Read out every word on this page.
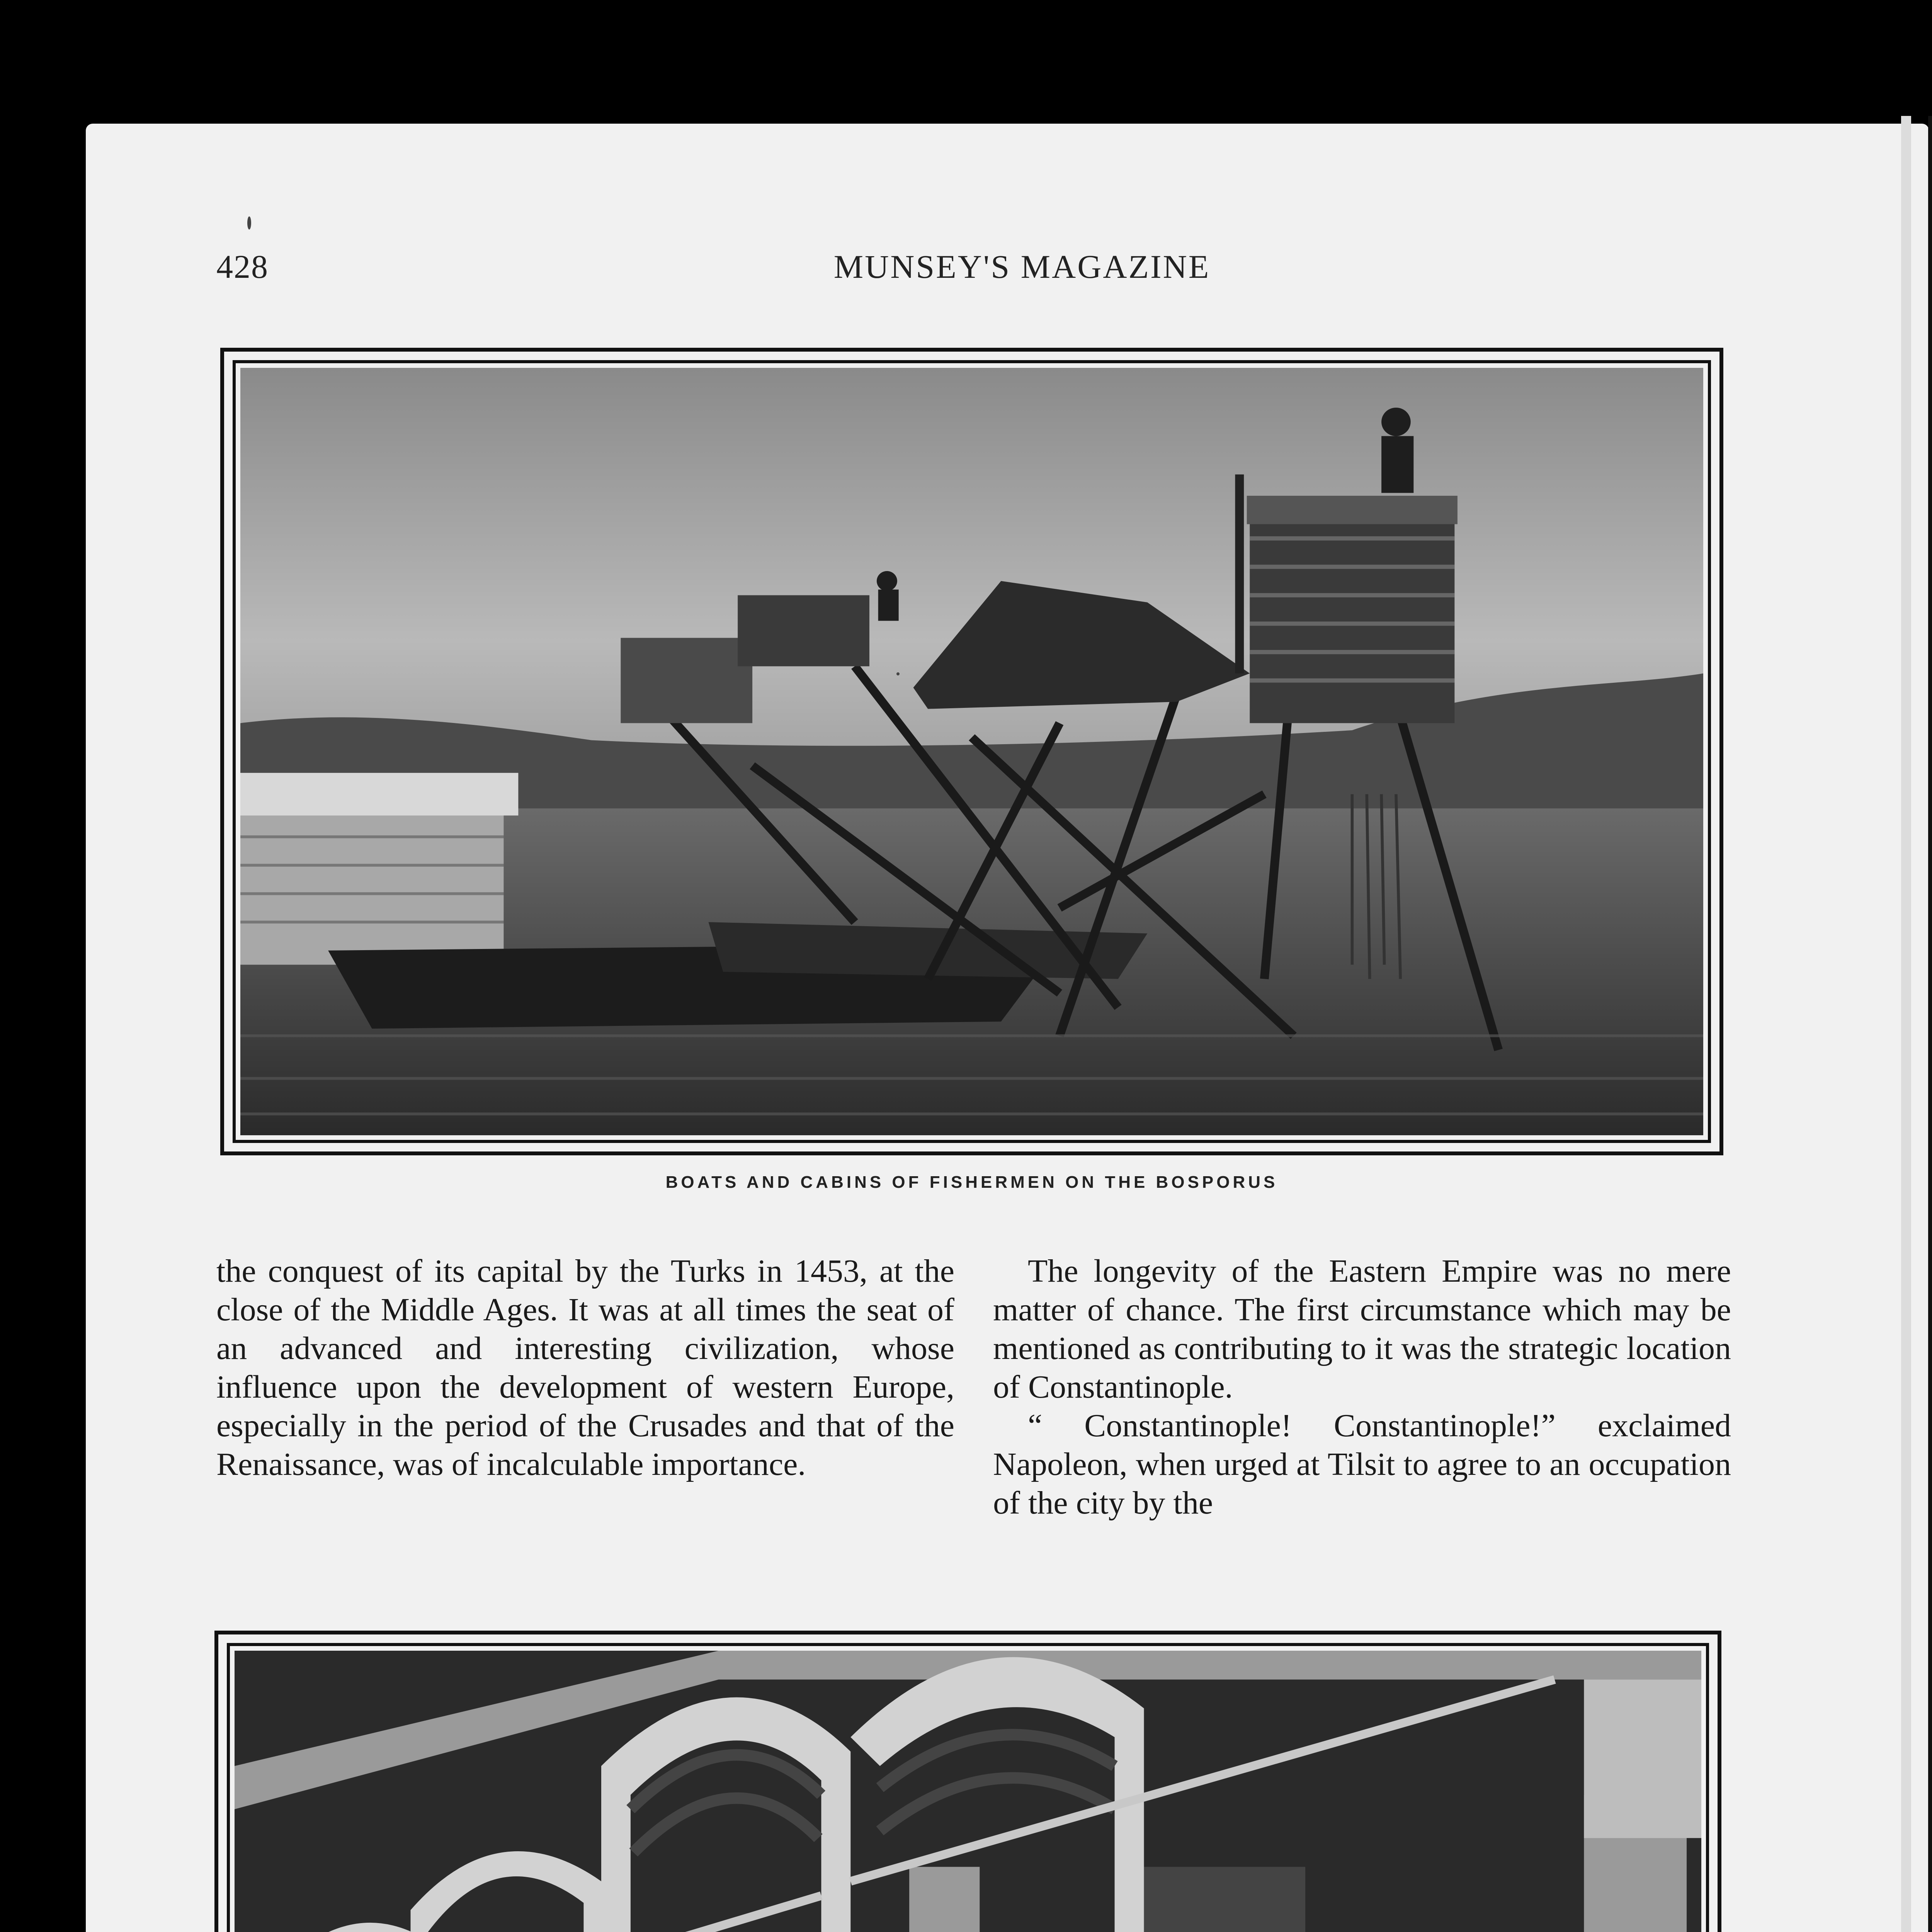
428	MUNSEY'S MAGAZINE
BOATS AND CABINS OF FISHERMEN ON THE BOSPORUS

the conquest of its capital by the Turks in 1453, at the close of the Middle Ages. It was at all times the seat of an advanced and interesting civilization, whose influence upon the development of western Europe, especially in the period of the Crusades and that of the Renaissance, was of incalculable importance.

The longevity of the Eastern Empire was no mere matter of chance. The first circumstance which may be mentioned as contributing to it was the strategic location of Constantinople.

“ Constantinople! Constantinople!” exclaimed Napoleon, when urged at Tilsit to agree to an occupation of the city by the
